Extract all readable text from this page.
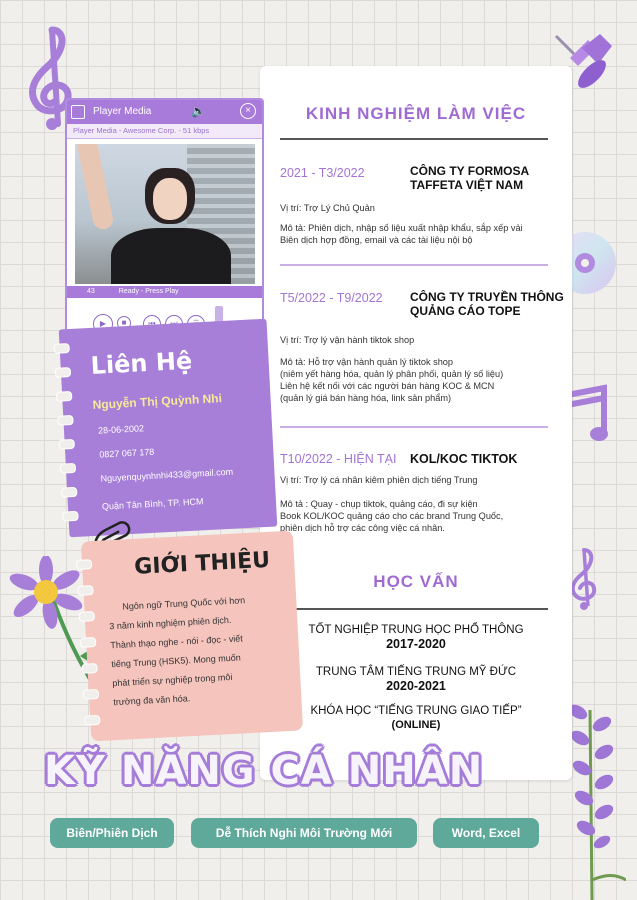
KINH NGHIỆM LÀM VIỆC
2021 - T3/2022	CÔNG TY FORMOSA
TAFFETA VIỆT NAM
Vị trí: Trợ Lý Chủ Quản
Mô tả: Phiên dịch, nhập số liệu xuất nhập khẩu, sắp xếp vải
Biên dịch hợp đồng, email và các tài liệu nội bộ
T5/2022 - T9/2022 CÔNG TY TRUYỀN THÔNG
QUẢNG CÁO TOPE
Vị trí: Trợ lý vận hành tiktok shop
Mô tả: Hỗ trợ vận hành quản lý tiktok shop
(niêm yết hàng hóa, quản lý phân phối, quản lý số liệu)
Liên hệ kết nối với các người bán hàng KOC & MCN
(quản lý giá bán hàng hóa, link sản phẩm)
T10/2022 - HIỆN TẠI KOL/KOC TIKTOK
Vị trí: Trợ lý cá nhân kiêm phiên dịch tiếng Trung
Mô tả : Quay - chụp tiktok, quảng cáo, đi sự kiện
Book KOL/KOC quảng cáo cho các brand Trung Quốc,
phiên dịch hỗ trợ các công việc cá nhân.
HỌC VẤN
TỐT NGHIỆP TRUNG HỌC PHỔ THÔNG
2017-2020
TRUNG TÂM TIẾNG TRUNG MỸ ĐỨC
2020-2021
KHÓA HỌC “TIẾNG TRUNG GIAO TIẾP”
(ONLINE)
Player Media	🔈	×
Player Media - Awesome Corp. - 51 kbps
43	Ready - Press Play
▶	■	⏮
Liên Hệ
Nguyễn Thị Quỳnh Nhi
28-06-2002
0827 067 178
Nguyenquynhnhi433@gmail.com
Quận Tân Bình, TP. HCM
GIỚI THIỆU
Ngôn ngữ Trung Quốc với hơn
3 năm kinh nghiệm phiên dịch.
Thành thạo nghe - nói - đọc - viết
tiếng Trung (HSK5). Mong muốn
phát triển sự nghiệp trong môi
trường đa văn hóa.
KỸ NĂNG CÁ NHÂN
Biên/Phiên Dịch	Dễ Thích Nghi Môi Trường Mới	Word, Excel
